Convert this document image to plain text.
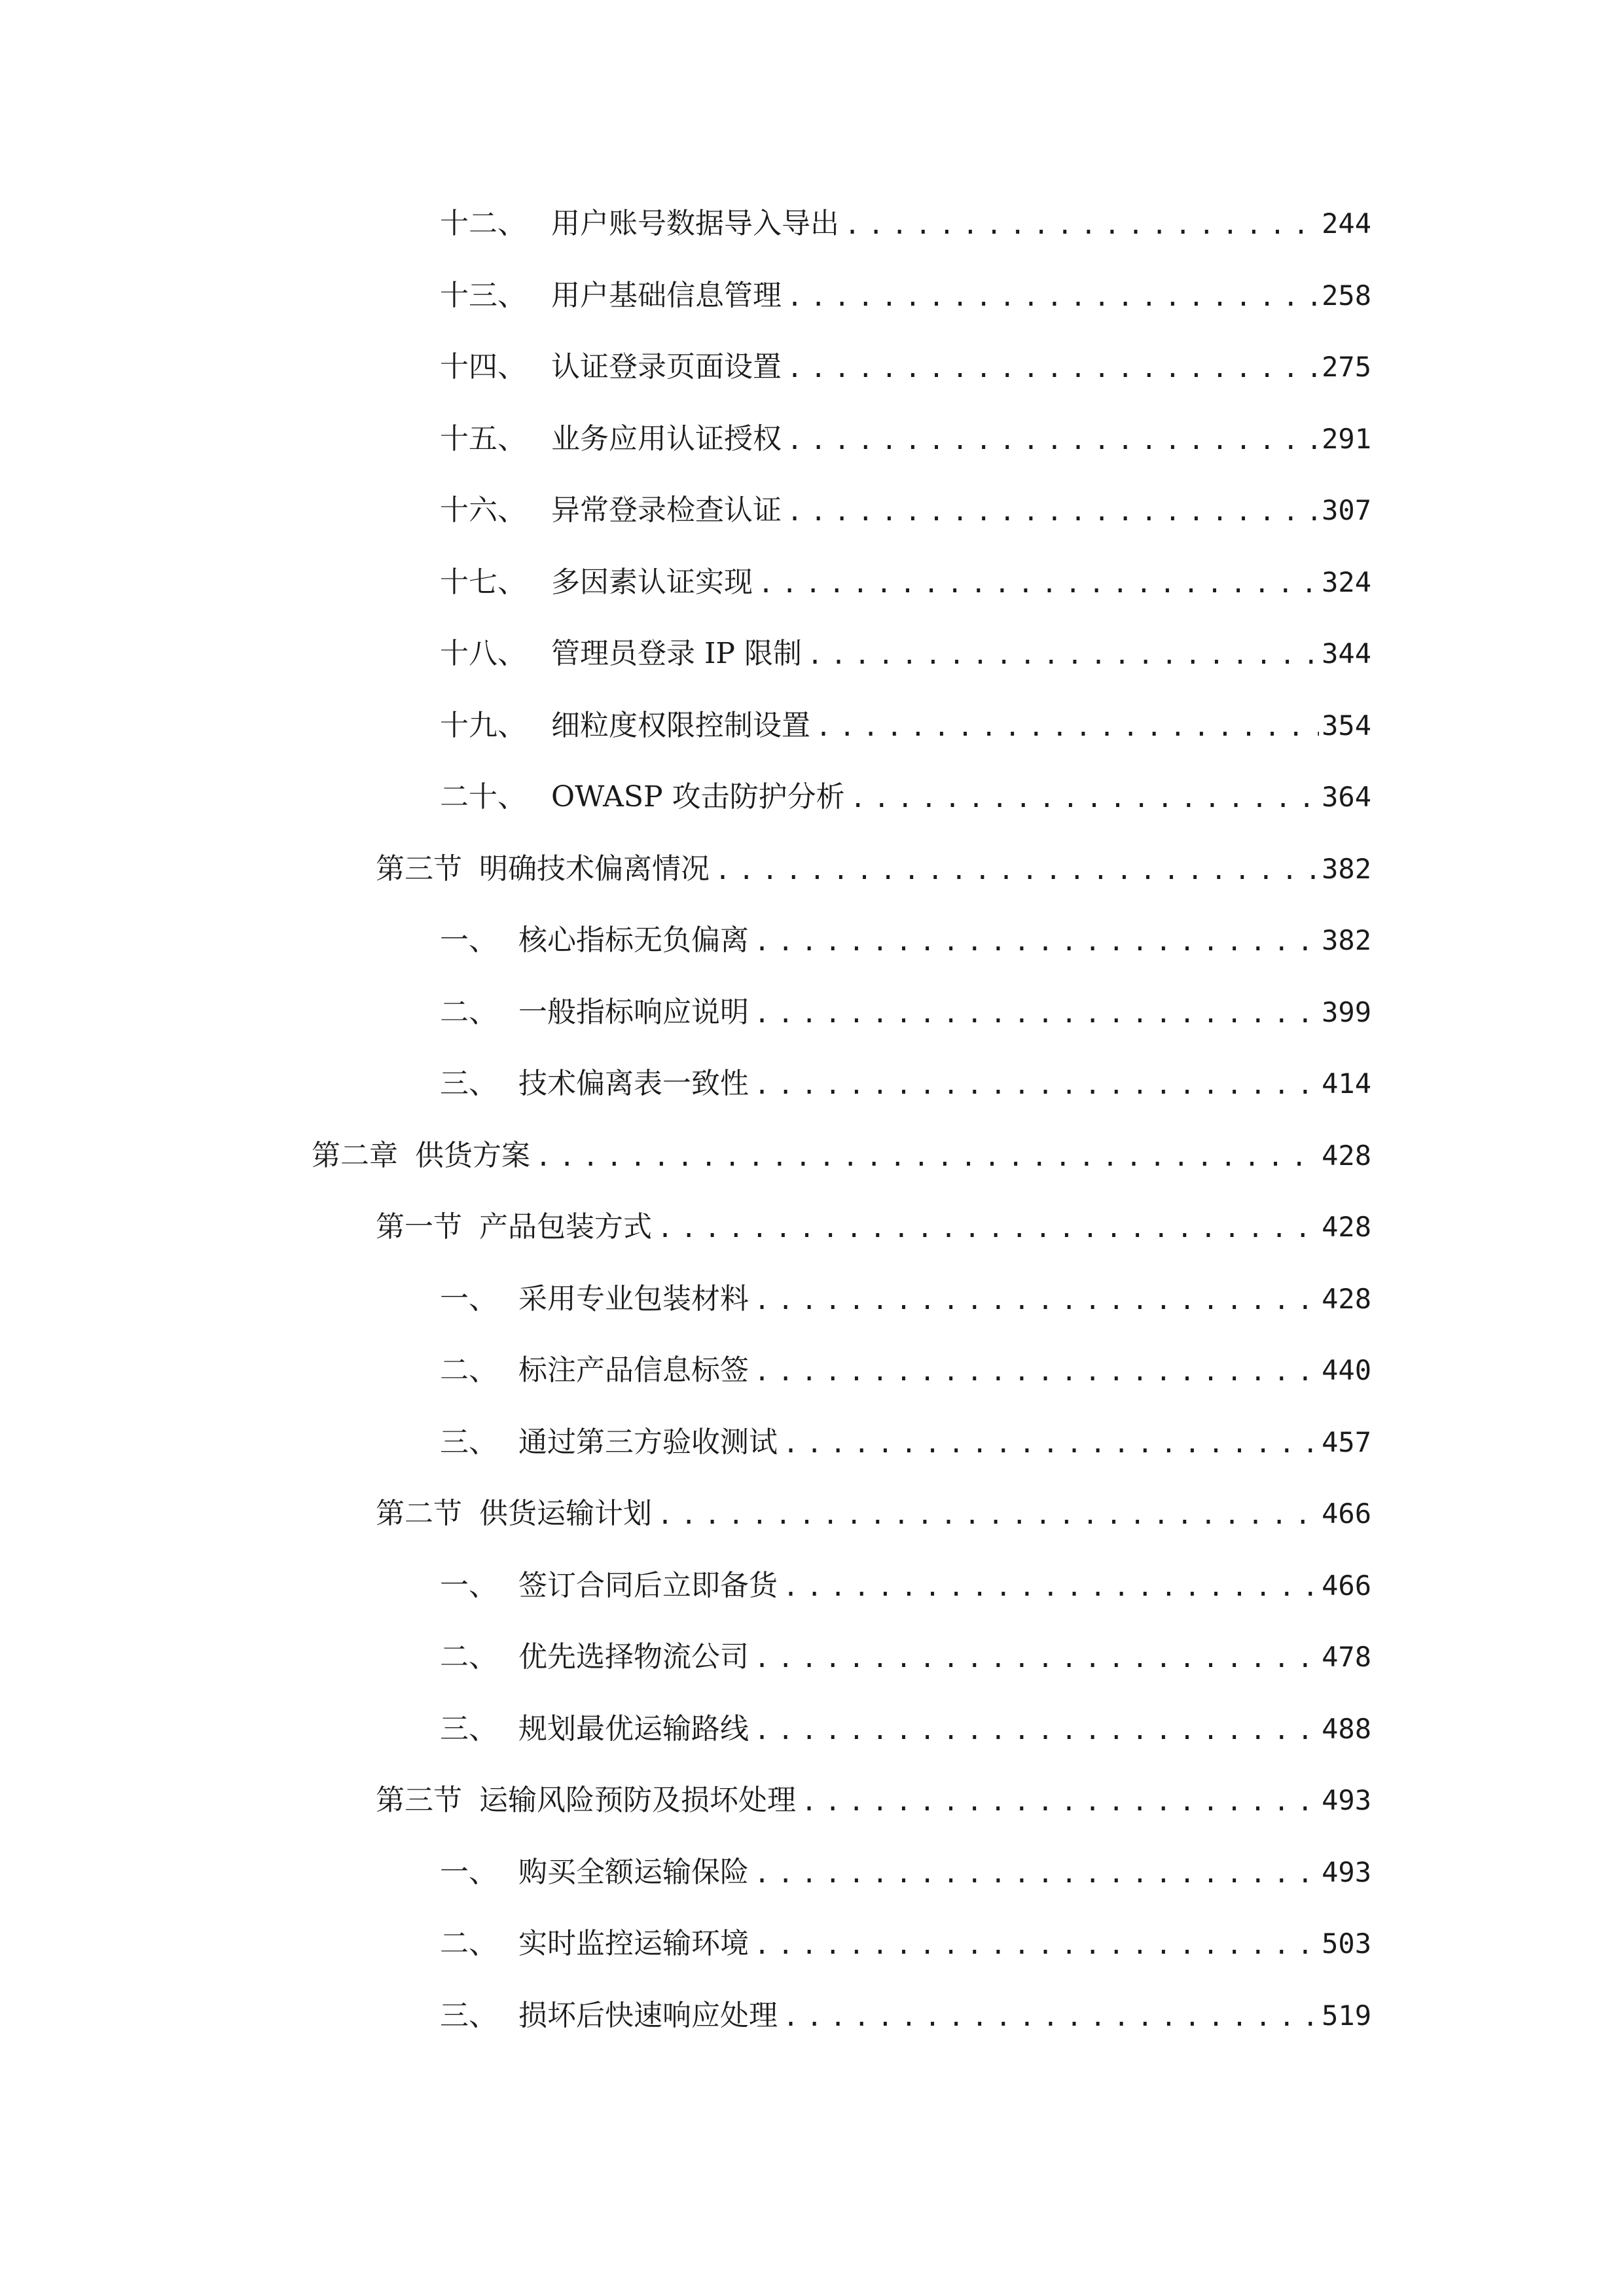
十二、 用户账号数据导入导出 .....	244
十三、 用户基础信息管理 .....	258
十四、 认证登录页面设置 .....	275
十五、 业务应用认证授权 .....	291
十六、 异常登录检查认证 .....	307
十七、 多因素认证实现 .....	324
十八、 管理员登录 IP 限制 .....	344
十九、 细粒度权限控制设置 .....	354
二十、 OWASP 攻击防护分析 .....	364
第三节 明确技术偏离情况 .....	382
一、 核心指标无负偏离 .....	382
二、 一般指标响应说明 .....	399
三、 技术偏离表一致性 .....	414
第二章 供货方案 .....	428
第一节 产品包装方式 .....	428
一、 采用专业包装材料 .....	428
二、 标注产品信息标签 .....	440
三、 通过第三方验收测试 .....	457
第二节 供货运输计划 .....	466
一、 签订合同后立即备货 .....	466
二、 优先选择物流公司 .....	478
三、 规划最优运输路线 .....	488
第三节 运输风险预防及损坏处理 .....	493
一、 购买全额运输保险 .....	493
二、 实时监控运输环境 .....	503
三、 损坏后快速响应处理 .....	519
